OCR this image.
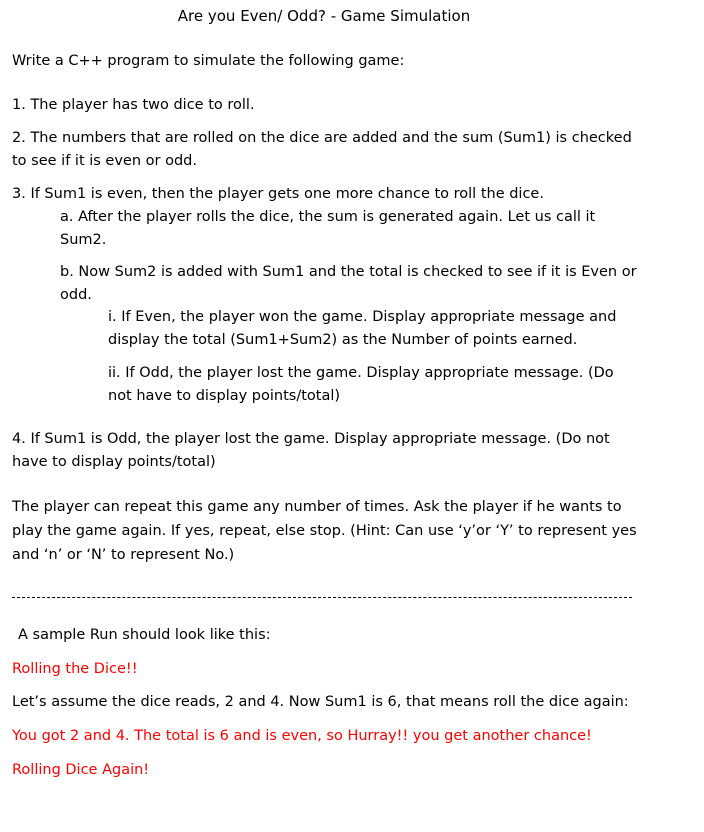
Are you Even/ Odd? - Game Simulation
Write a C++ program to simulate the following game:
1. The player has two dice to roll.
2. The numbers that are rolled on the dice are added and the sum (Sum1) is checked to see if it is even or odd.
3. If Sum1 is even, then the player gets one more chance to roll the dice.
a. After the player rolls the dice, the sum is generated again. Let us call it Sum2.
b. Now Sum2 is added with Sum1 and the total is checked to see if it is Even or odd.
i. If Even, the player won the game. Display appropriate message and display the total (Sum1+Sum2) as the Number of points earned.
ii. If Odd, the player lost the game. Display appropriate message. (Do not have to display points/total)
4. If Sum1 is Odd, the player lost the game. Display appropriate message. (Do not have to display points/total)
The player can repeat this game any number of times. Ask the player if he wants to play the game again. If yes, repeat, else stop. (Hint: Can use ‘y’or ‘Y’ to represent yes and ‘n’ or ‘N’ to represent No.)
A sample Run should look like this:
Rolling the Dice!!
Let’s assume the dice reads, 2 and 4. Now Sum1 is 6, that means roll the dice again:
You got 2 and 4. The total is 6 and is even, so Hurray!! you get another chance!
Rolling Dice Again!
